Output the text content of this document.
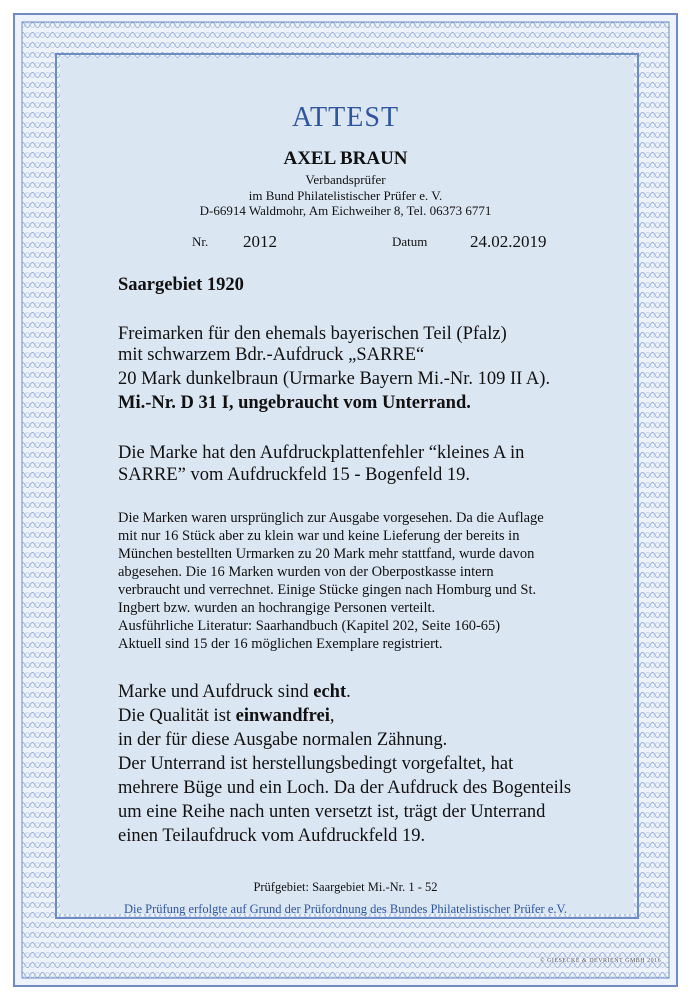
ATTEST
AXEL BRAUN
Verbandsprüfer
im Bund Philatelistischer Prüfer e. V.
D-66914 Waldmohr, Am Eichweiher 8, Tel. 06373 6771
Nr. 2012	Datum	24.02.2019
Saargebiet 1920
Freimarken für den ehemals bayerischen Teil (Pfalz)
mit schwarzem Bdr.-Aufdruck „SARRE“
20 Mark dunkelbraun (Urmarke Bayern Mi.-Nr. 109 II A).
Mi.-Nr. D 31 I, ungebraucht vom Unterrand.
Die Marke hat den Aufdruckplattenfehler “kleines A in
SARRE” vom Aufdruckfeld 15 - Bogenfeld 19.
Die Marken waren ursprünglich zur Ausgabe vorgesehen. Da die Auflage
mit nur 16 Stück aber zu klein war und keine Lieferung der bereits in
München bestellten Urmarken zu 20 Mark mehr stattfand, wurde davon
abgesehen. Die 16 Marken wurden von der Oberpostkasse intern
verbraucht und verrechnet. Einige Stücke gingen nach Homburg und St.
Ingbert bzw. wurden an hochrangige Personen verteilt.
Ausführliche Literatur: Saarhandbuch (Kapitel 202, Seite 160-65)
Aktuell sind 15 der 16 möglichen Exemplare registriert.
Marke und Aufdruck sind echt.
Die Qualität ist einwandfrei,
in der für diese Ausgabe normalen Zähnung.
Der Unterrand ist herstellungsbedingt vorgefaltet, hat
mehrere Büge und ein Loch. Da der Aufdruck des Bogenteils
um eine Reihe nach unten versetzt ist, trägt der Unterrand
einen Teilaufdruck vom Aufdruckfeld 19.
Prüfgebiet: Saargebiet Mi.-Nr. 1 - 52
Die Prüfung erfolgte auf Grund der Prüfordnung des Bundes Philatelistischer Prüfer e.V.
© GIESECKE & DEVRIENT GMBH 2016
